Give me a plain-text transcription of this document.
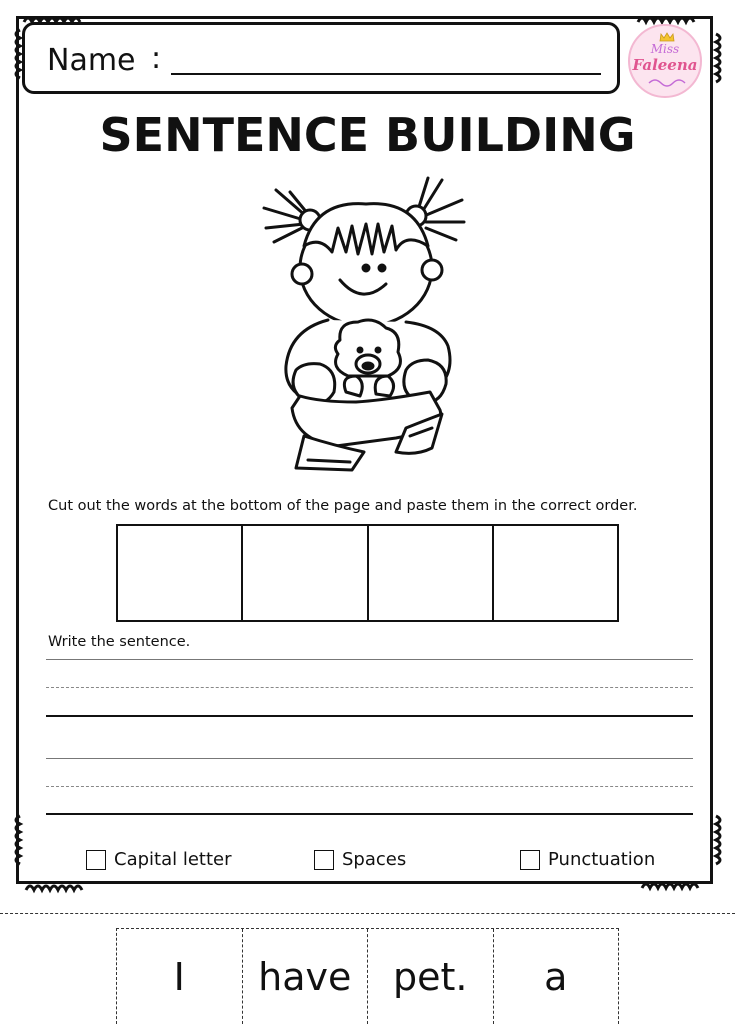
Name :	Miss
Faleena
SENTENCE BUILDING
Cut out the words at the bottom of the page and paste them in the correct order.
Write the sentence.
Capital letter	Spaces	Punctuation
I	have	pet.	a
